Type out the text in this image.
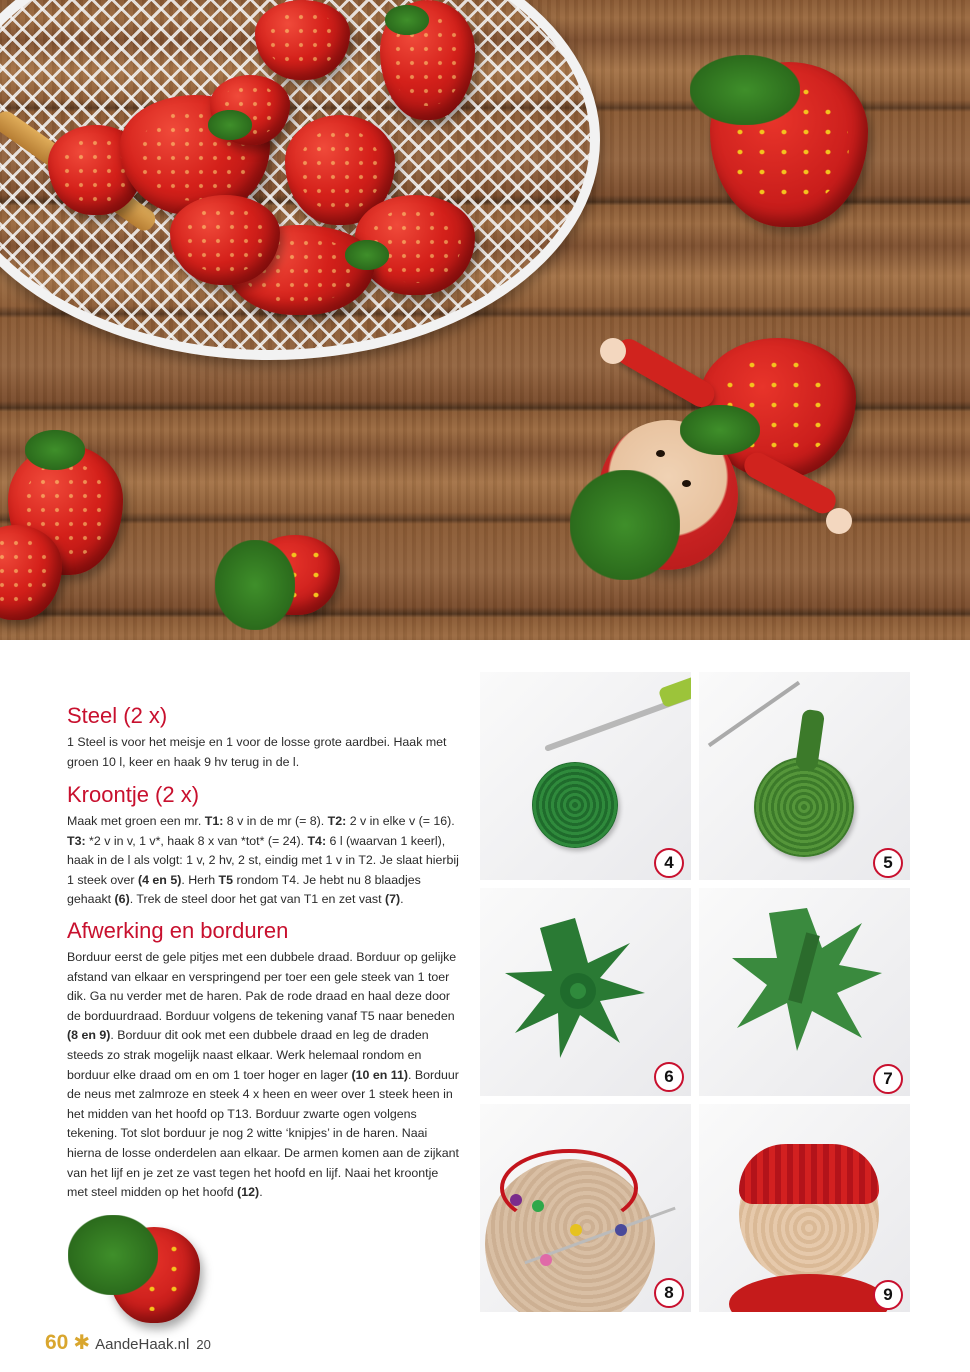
Steel (2 x)

1 Steel is voor het meisje en 1 voor de losse grote aardbei. Haak met groen 10 l, keer en haak 9 hv terug in de l.

Kroontje (2 x)

Maak met groen een mr. T1: 8 v in de mr (= 8). T2: 2 v in elke v (= 16). T3: *2 v in v, 1 v*, haak 8 x van *tot* (= 24). T4: 6 l (waarvan 1 keerl), haak in de l als volgt: 1 v, 2 hv, 2 st, eindig met 1 v in T2. Je slaat hierbij 1 steek over (4 en 5). Herh T5 rondom T4. Je hebt nu 8 blaadjes gehaakt (6). Trek de steel door het gat van T1 en zet vast (7).

Afwerking en borduren

Borduur eerst de gele pitjes met een dubbele draad. Borduur op gelijke afstand van elkaar en verspringend per toer een gele steek van 1 toer dik. Ga nu verder met de haren. Pak de rode draad en haal deze door de borduurdraad. Borduur volgens de tekening vanaf T5 naar beneden (8 en 9). Borduur dit ook met een dubbele draad en leg de draden steeds zo strak mogelijk naast elkaar. Werk helemaal rondom en borduur elke draad om en om 1 toer hoger en lager (10 en 11). Borduur de neus met zalmroze en steek 4 x heen en weer over 1 steek heen in het midden van het hoofd op T13. Borduur zwarte ogen volgens tekening. Tot slot borduur je nog 2 witte ‘knipjes’ in de haren. Naai hierna de losse onderdelen aan elkaar. De armen komen aan de zijkant van het lijf en je zet ze vast tegen het hoofd en lijf. Naai het kroontje met steel midden op het hoofd (12).

4	5
6	7
8	9
60 ✱ AandeHaak.nl 20
